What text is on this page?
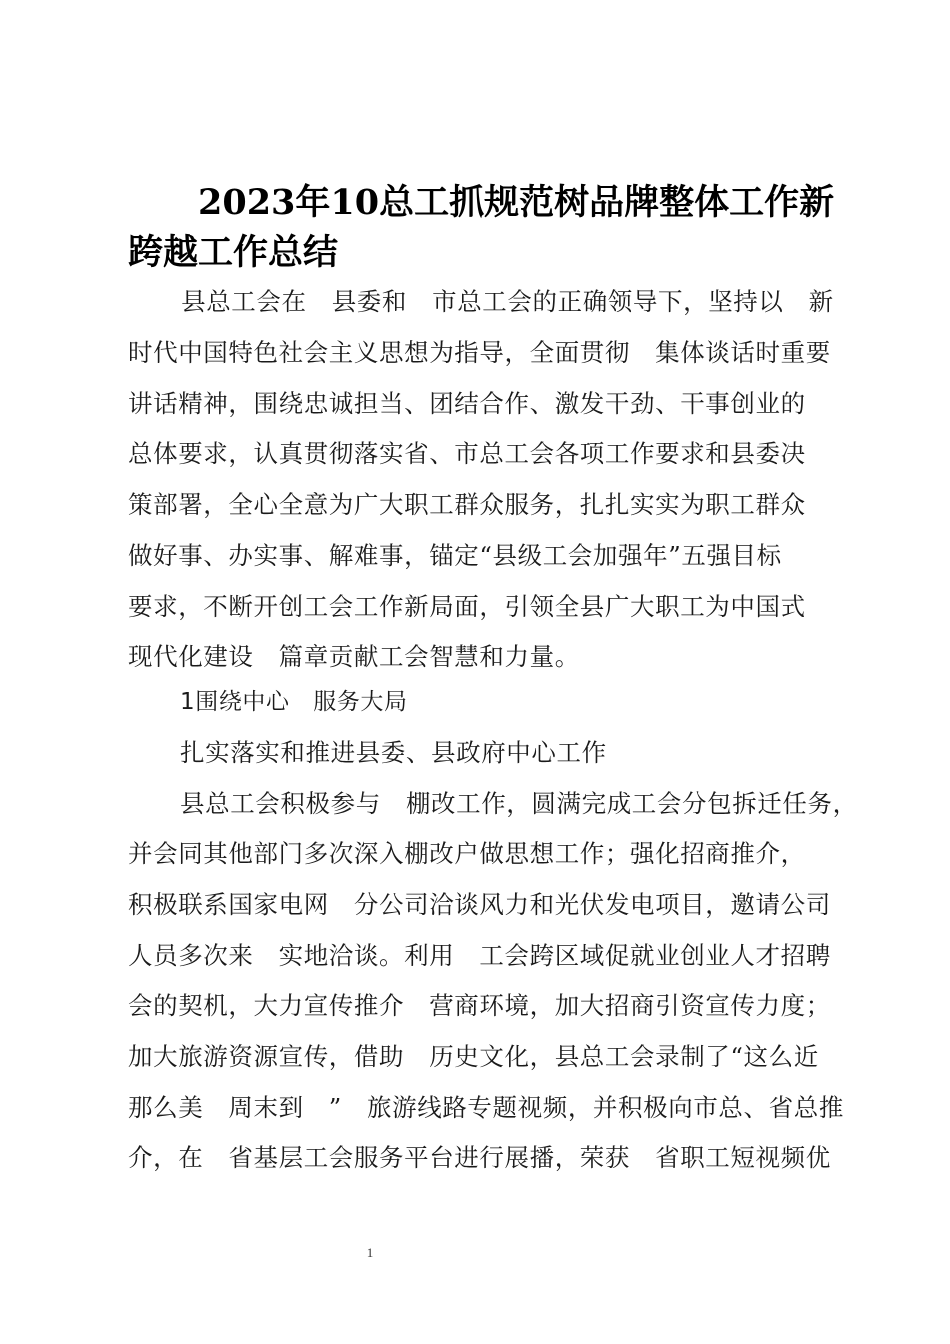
2023年10总工抓规范树品牌整体工作新
跨越工作总结
　县总工会在　县委和　市总工会的正确领导下，坚持以　新
时代中国特色社会主义思想为指导，全面贯彻　集体谈话时重要
讲话精神，围绕忠诚担当、团结合作、激发干劲、干事创业的
总体要求，认真贯彻落实省、市总工会各项工作要求和县委决
策部署，全心全意为广大职工群众服务，扎扎实实为职工群众
做好事、办实事、解难事，锚定“县级工会加强年”五强目标
要求，不断开创工会工作新局面，引领全县广大职工为中国式
现代化建设　篇章贡献工会智慧和力量。
1围绕中心　服务大局
扎实落实和推进县委、县政府中心工作
县总工会积极参与　棚改工作，圆满完成工会分包拆迁任务，
并会同其他部门多次深入棚改户做思想工作；强化招商推介，
积极联系国家电网　分公司洽谈风力和光伏发电项目，邀请公司
人员多次来　实地洽谈。利用　工会跨区域促就业创业人才招聘
会的契机，大力宣传推介　营商环境，加大招商引资宣传力度；
加大旅游资源宣传，借助　历史文化，县总工会录制了“这么近
那么美　周末到　”　旅游线路专题视频，并积极向市总、省总推
介，在　省基层工会服务平台进行展播，荣获　省职工短视频优
1
